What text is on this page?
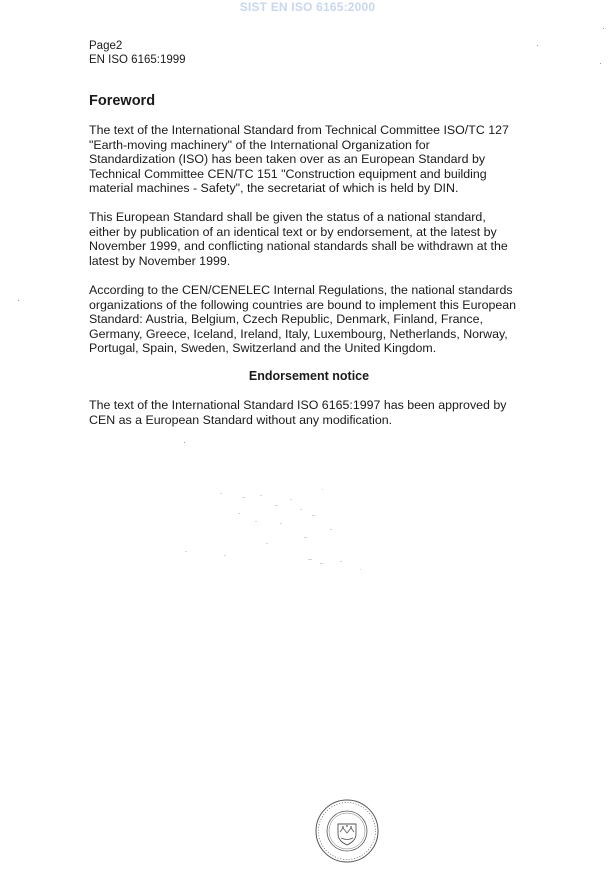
SIST EN ISO 6165:2000
Page2
EN ISO 6165:1999
Foreword

The text of the International Standard from Technical Committee ISO/TC 127
"Earth-moving machinery" of the International Organization for
Standardization (ISO) has been taken over as an European Standard by
Technical Committee CEN/TC 151 "Construction equipment and building
material machines - Safety", the secretariat of which is held by DIN.

This European Standard shall be given the status of a national standard,
either by publication of an identical text or by endorsement, at the latest by
November 1999, and conflicting national standards shall be withdrawn at the
latest by November 1999.

According to the CEN/CENELEC Internal Regulations, the national standards
organizations of the following countries are bound to implement this European
Standard: Austria, Belgium, Czech Republic, Denmark, Finland, France,
Germany, Greece, Iceland, Ireland, Italy, Luxembourg, Netherlands, Norway,
Portugal, Spain, Sweden, Switzerland and the United Kingdom.

Endorsement notice

The text of the International Standard ISO 6165:1997 has been approved by
CEN as a European Standard without any modification.
